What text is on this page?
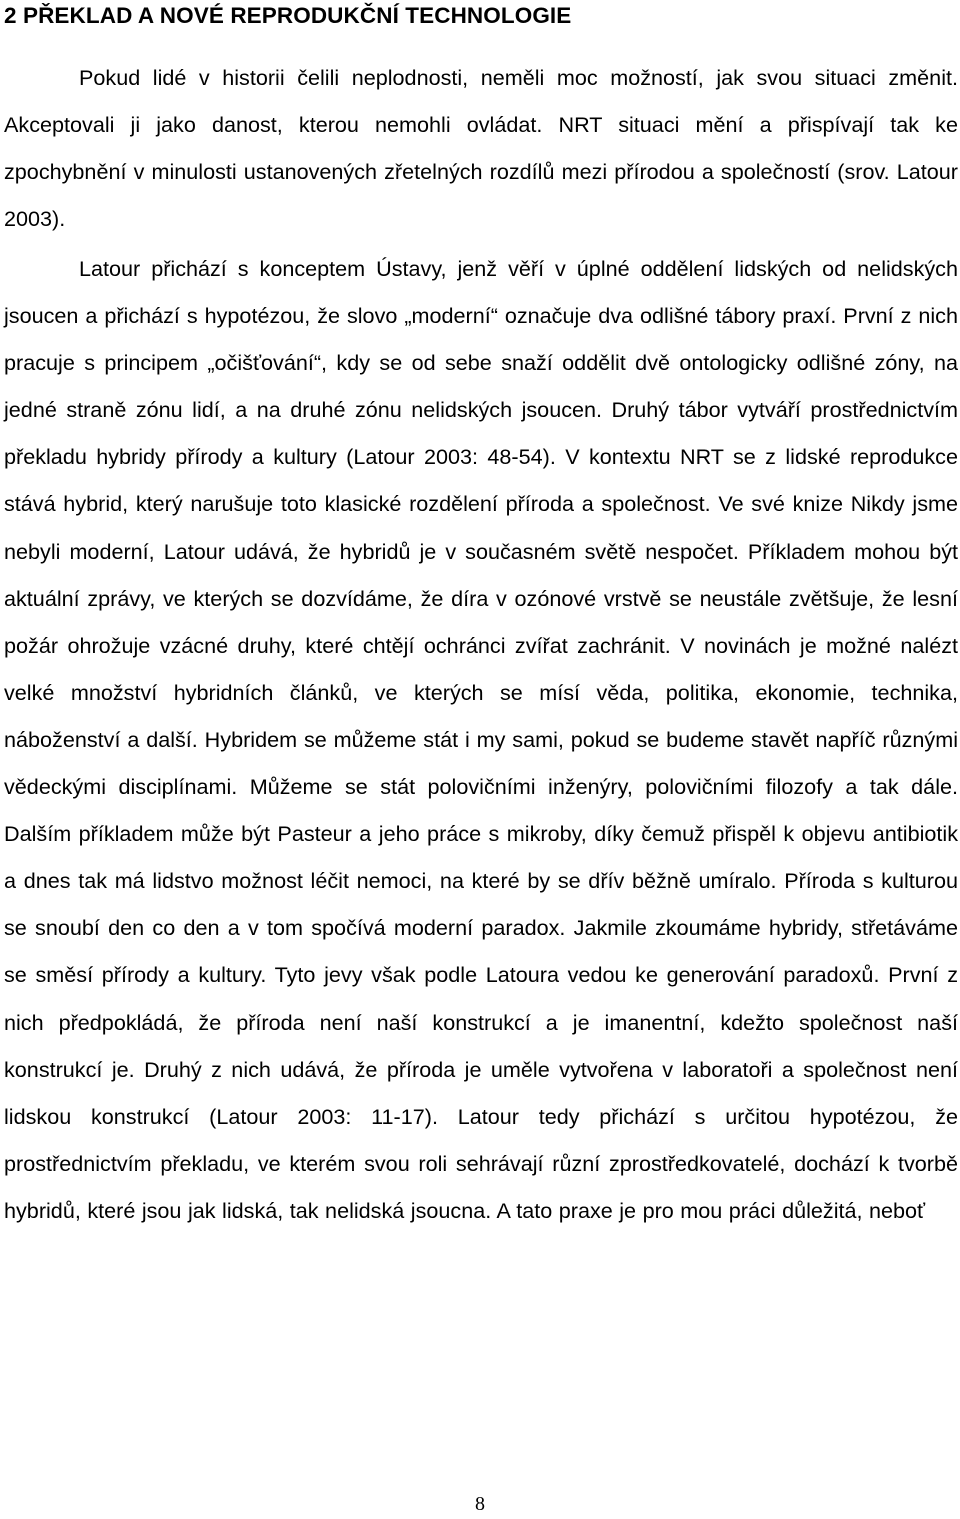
2 PŘEKLAD A NOVÉ REPRODUKČNÍ TECHNOLOGIE

Pokud lidé v historii čelili neplodnosti, neměli moc možností, jak svou situaci změnit. Akceptovali ji jako danost, kterou nemohli ovládat. NRT situaci mění a přispívají tak ke zpochybnění v minulosti ustanovených zřetelných rozdílů mezi přírodou a společností (srov. Latour 2003).

Latour přichází s konceptem Ústavy, jenž věří v úplné oddělení lidských od nelidských jsoucen a přichází s hypotézou, že slovo „moderní“ označuje dva odlišné tábory praxí. První z nich pracuje s principem „očišťování“, kdy se od sebe snaží oddělit dvě ontologicky odlišné zóny, na jedné straně zónu lidí, a na druhé zónu nelidských jsoucen. Druhý tábor vytváří prostřednictvím překladu hybridy přírody a kultury (Latour 2003: 48-54). V kontextu NRT se z lidské reprodukce stává hybrid, který narušuje toto klasické rozdělení příroda a společnost. Ve své knize Nikdy jsme nebyli moderní, Latour udává, že hybridů je v současném světě nespočet. Příkladem mohou být aktuální zprávy, ve kterých se dozvídáme, že díra v ozónové vrstvě se neustále zvětšuje, že lesní požár ohrožuje vzácné druhy, které chtějí ochránci zvířat zachránit. V novinách je možné nalézt velké množství hybridních článků, ve kterých se mísí věda, politika, ekonomie, technika, náboženství a další. Hybridem se můžeme stát i my sami, pokud se budeme stavět napříč různými vědeckými disciplínami. Můžeme se stát polovičními inženýry, polovičními filozofy a tak dále. Dalším příkladem může být Pasteur a jeho práce s mikroby, díky čemuž přispěl k objevu antibiotik a dnes tak má lidstvo možnost léčit nemoci, na které by se dřív běžně umíralo. Příroda s kulturou se snoubí den co den a v tom spočívá moderní paradox. Jakmile zkoumáme hybridy, střetáváme se směsí přírody a kultury. Tyto jevy však podle Latoura vedou ke generování paradoxů. První z nich předpokládá, že příroda není naší konstrukcí a je imanentní, kdežto společnost naší konstrukcí je. Druhý z nich udává, že příroda je uměle vytvořena v laboratoři a společnost není lidskou konstrukcí (Latour 2003: 11-17). Latour tedy přichází s určitou hypotézou, že prostřednictvím překladu, ve kterém svou roli sehrávají různí zprostředkovatelé, dochází k tvorbě hybridů, které jsou jak lidská, tak nelidská jsoucna. A tato praxe je pro mou práci důležitá, neboť

8
